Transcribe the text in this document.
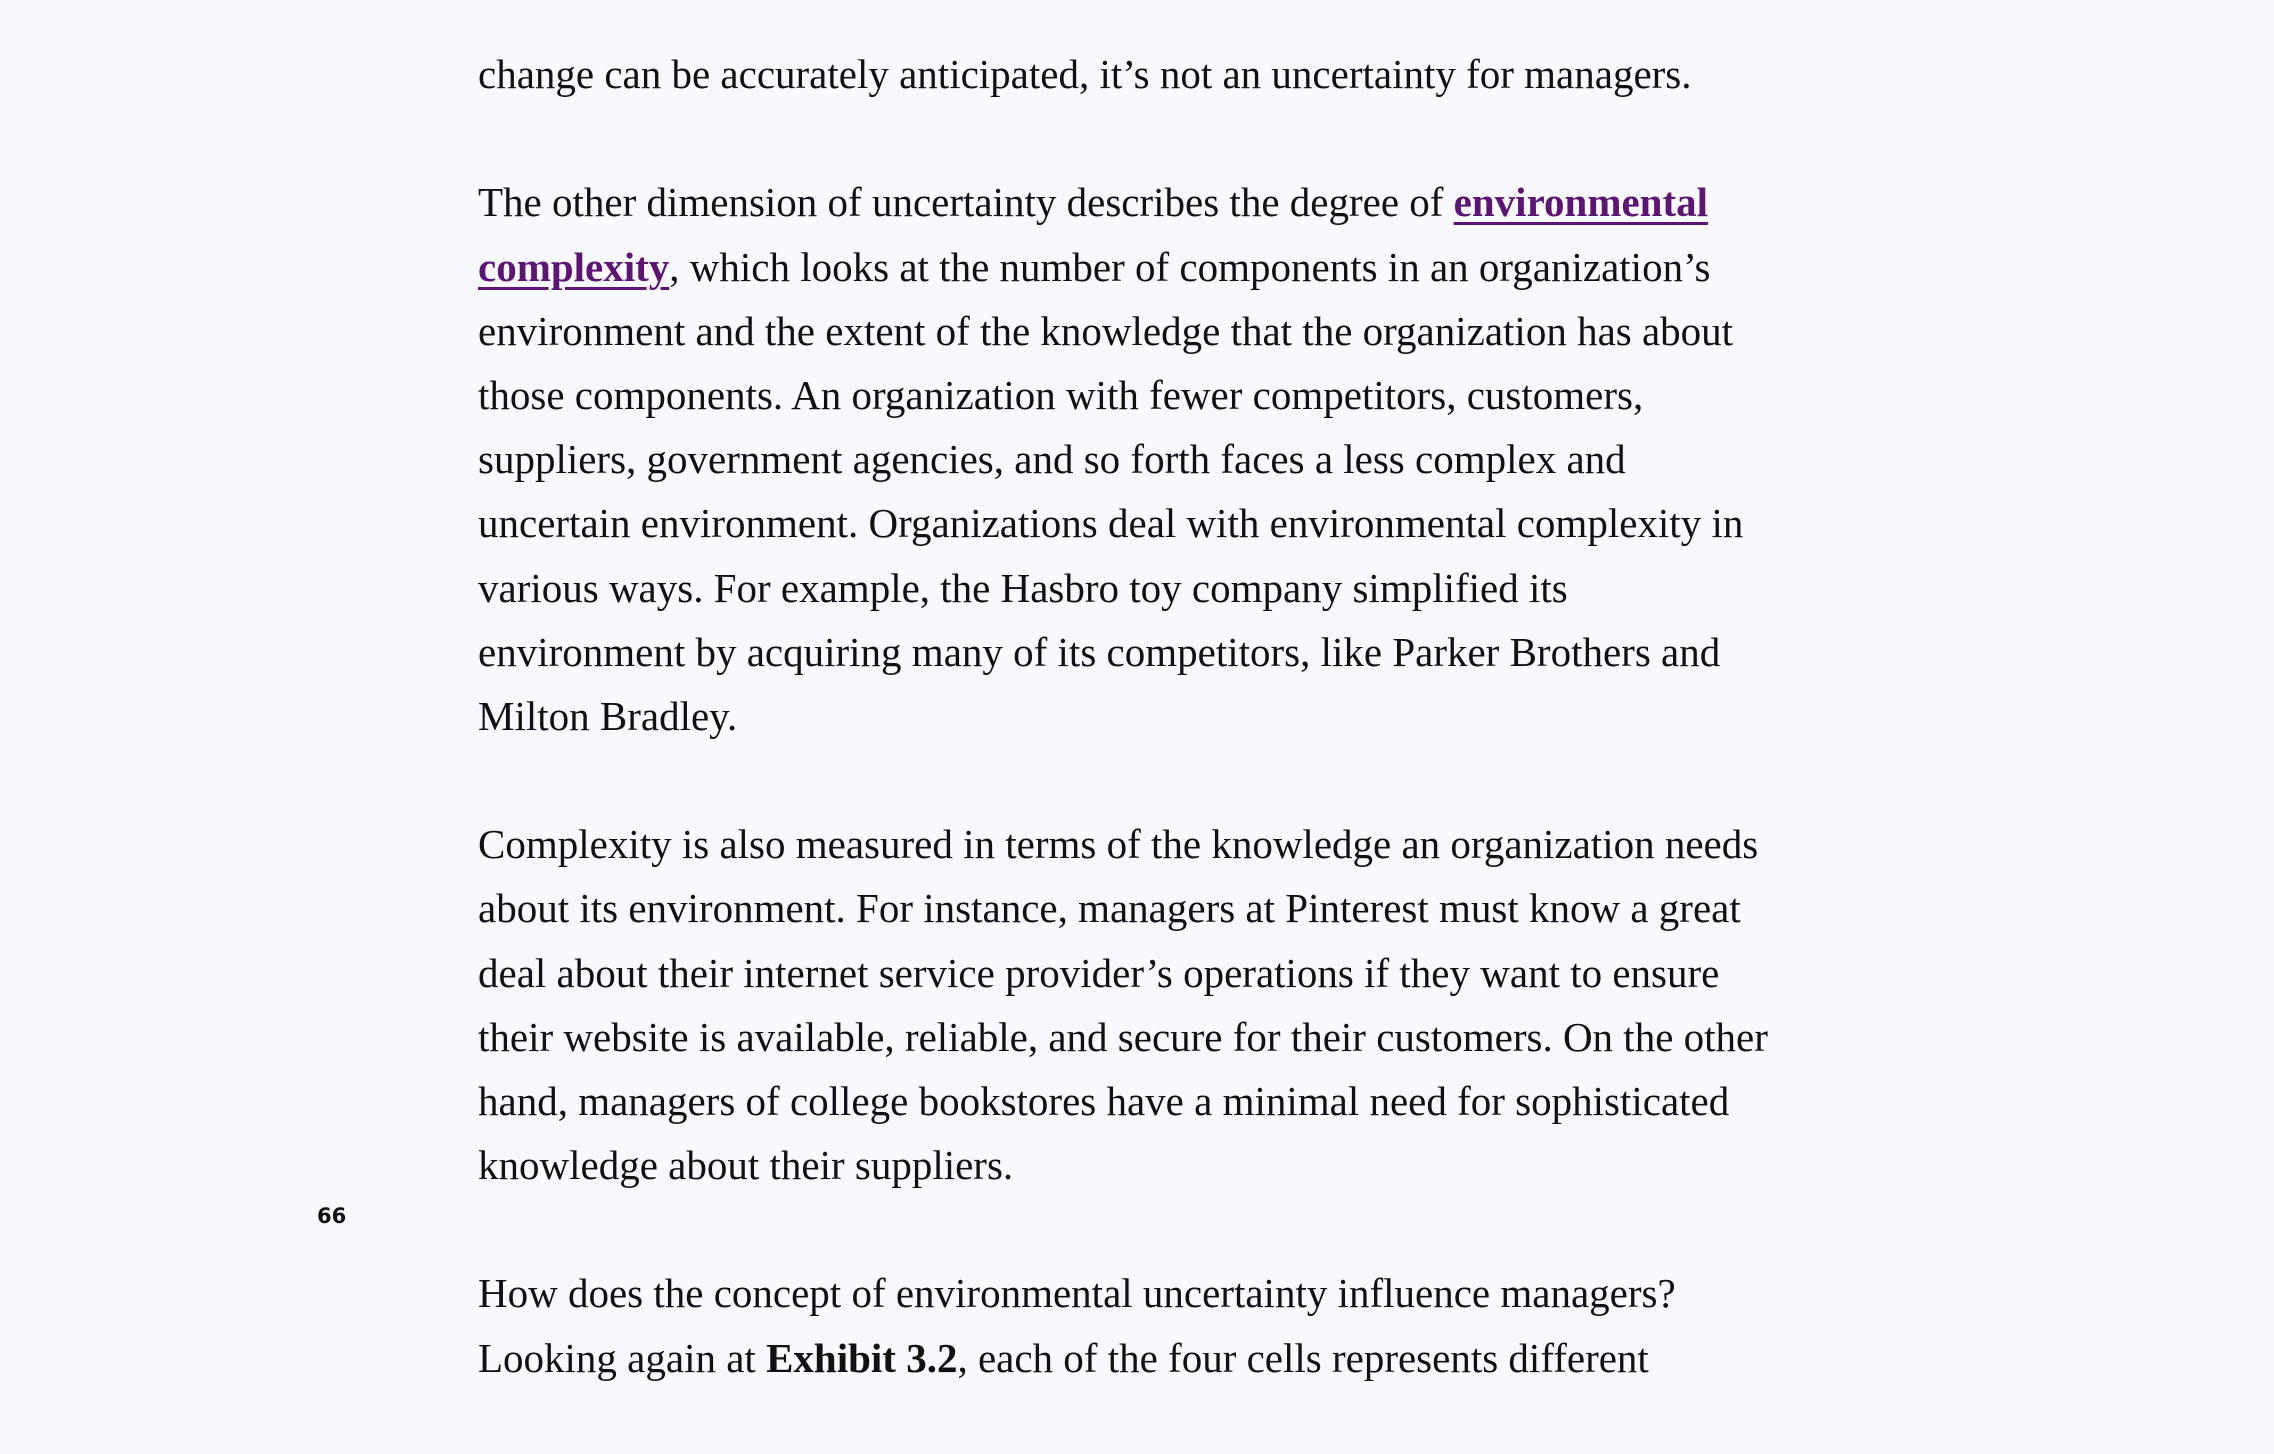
change can be accurately anticipated, it’s not an uncertainty for managers.

The other dimension of uncertainty describes the degree of environmental
complexity, which looks at the number of components in an organization’s
environment and the extent of the knowledge that the organization has about
those components. An organization with fewer competitors, customers,
suppliers, government agencies, and so forth faces a less complex and
uncertain environment. Organizations deal with environmental complexity in
various ways. For example, the Hasbro toy company simplified its
environment by acquiring many of its competitors, like Parker Brothers and
Milton Bradley.

Complexity is also measured in terms of the knowledge an organization needs
about its environment. For instance, managers at Pinterest must know a great
deal about their internet service provider’s operations if they want to ensure
their website is available, reliable, and secure for their customers. On the other
hand, managers of college bookstores have a minimal need for sophisticated
knowledge about their suppliers.

How does the concept of environmental uncertainty influence managers?
Looking again at Exhibit 3.2, each of the four cells represents different

66
